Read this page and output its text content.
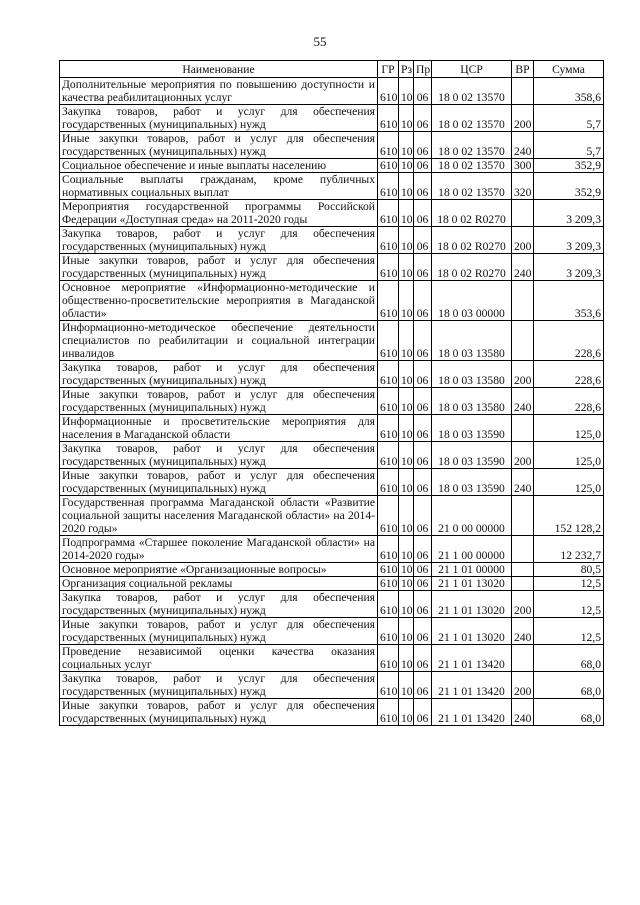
55
Наименование	ГР	Рз	Пр	ЦСР	ВР	Сумма
Дополнительные мероприятия по повышению доступности и качества реабилитационных услуг	610	10	06	18 0 02 13570		358,6
Закупка товаров, работ и услуг для обеспечения государственных (муниципальных) нужд	610	10	06	18 0 02 13570	200	5,7
Иные закупки товаров, работ и услуг для обеспечения государственных (муниципальных) нужд	610	10	06	18 0 02 13570	240	5,7
Социальное обеспечение и иные выплаты населению	610	10	06	18 0 02 13570	300	352,9
Социальные выплаты гражданам, кроме публичных нормативных социальных выплат	610	10	06	18 0 02 13570	320	352,9
Мероприятия государственной программы Российской Федерации «Доступная среда» на 2011-2020 годы	610	10	06	18 0 02 R0270		3 209,3
Закупка товаров, работ и услуг для обеспечения государственных (муниципальных) нужд	610	10	06	18 0 02 R0270	200	3 209,3
Иные закупки товаров, работ и услуг для обеспечения государственных (муниципальных) нужд	610	10	06	18 0 02 R0270	240	3 209,3
Основное мероприятие «Информационно-методические и общественно-просветительские мероприятия в Магаданской области»	610	10	06	18 0 03 00000		353,6
Информационно-методическое обеспечение деятельности специалистов по реабилитации и социальной интеграции инвалидов	610	10	06	18 0 03 13580		228,6
Закупка товаров, работ и услуг для обеспечения государственных (муниципальных) нужд	610	10	06	18 0 03 13580	200	228,6
Иные закупки товаров, работ и услуг для обеспечения государственных (муниципальных) нужд	610	10	06	18 0 03 13580	240	228,6
Информационные и просветительские мероприятия для населения в Магаданской области	610	10	06	18 0 03 13590		125,0
Закупка товаров, работ и услуг для обеспечения государственных (муниципальных) нужд	610	10	06	18 0 03 13590	200	125,0
Иные закупки товаров, работ и услуг для обеспечения государственных (муниципальных) нужд	610	10	06	18 0 03 13590	240	125,0
Государственная программа Магаданской области «Развитие социальной защиты населения Магаданской области» на 2014-2020 годы»	610	10	06	21 0 00 00000		152 128,2
Подпрограмма «Старшее поколение Магаданской области» на 2014-2020 годы»	610	10	06	21 1 00 00000		12 232,7
Основное мероприятие «Организационные вопросы»	610	10	06	21 1 01 00000		80,5
Организация социальной рекламы	610	10	06	21 1 01 13020		12,5
Закупка товаров, работ и услуг для обеспечения государственных (муниципальных) нужд	610	10	06	21 1 01 13020	200	12,5
Иные закупки товаров, работ и услуг для обеспечения государственных (муниципальных) нужд	610	10	06	21 1 01 13020	240	12,5
Проведение независимой оценки качества оказания социальных услуг	610	10	06	21 1 01 13420		68,0
Закупка товаров, работ и услуг для обеспечения государственных (муниципальных) нужд	610	10	06	21 1 01 13420	200	68,0
Иные закупки товаров, работ и услуг для обеспечения государственных (муниципальных) нужд	610	10	06	21 1 01 13420	240	68,0
